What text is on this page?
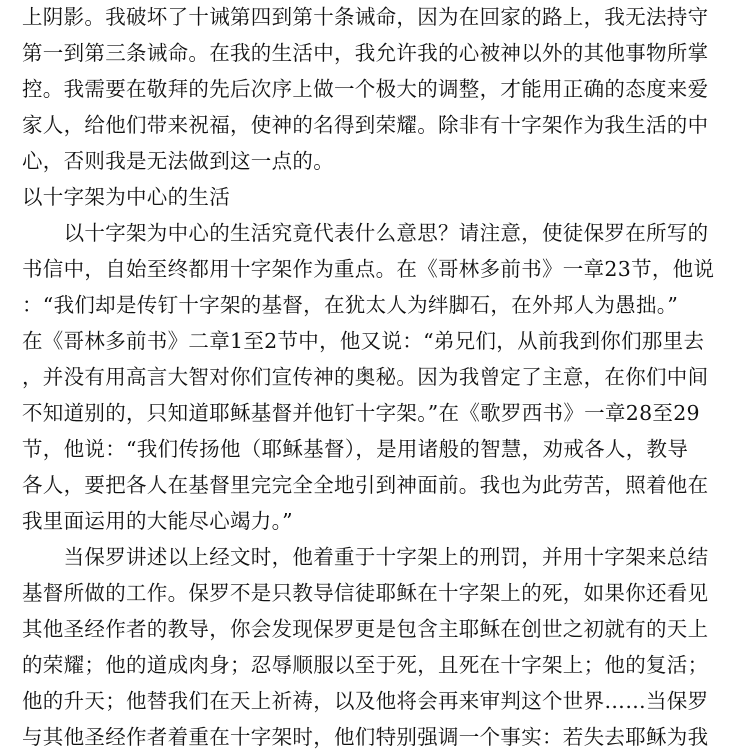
上阴影。我破坏了十诫第四到第十条诫命，因为在回家的路上，我无法持守
第一到第三条诫命。在我的生活中，我允许我的心被神以外的其他事物所掌
控。我需要在敬拜的先后次序上做一个极大的调整，才能用正确的态度来爱
家人，给他们带来祝福，使神的名得到荣耀。除非有十字架作为我生活的中
心，否则我是无法做到这一点的。
以十字架为中心的生活
　　以十字架为中心的生活究竟代表什么意思？请注意，使徒保罗在所写的
书信中，自始至终都用十字架作为重点。在《哥林多前书》一章23节，他说
：“我们却是传钉十字架的基督，在犹太人为绊脚石，在外邦人为愚拙。”
在《哥林多前书》二章1至2节中，他又说：“弟兄们，从前我到你们那里去
，并没有用高言大智对你们宣传神的奥秘。因为我曾定了主意，在你们中间
不知道别的，只知道耶稣基督并他钉十字架。”在《歌罗西书》一章28至29
节，他说：“我们传扬他（耶稣基督），是用诸般的智慧，劝戒各人，教导
各人，要把各人在基督里完完全全地引到神面前。我也为此劳苦，照着他在
我里面运用的大能尽心竭力。”
　　当保罗讲述以上经文时，他着重于十字架上的刑罚，并用十字架来总结
基督所做的工作。保罗不是只教导信徒耶稣在十字架上的死，如果你还看见
其他圣经作者的教导，你会发现保罗更是包含主耶稣在创世之初就有的天上
的荣耀；他的道成肉身；忍辱顺服以至于死，且死在十字架上；他的复活；
他的升天；他替我们在天上祈祷，以及他将会再来审判这个世界……当保罗
与其他圣经作者着重在十字架时，他们特别强调一个事实：若失去耶稣为我
